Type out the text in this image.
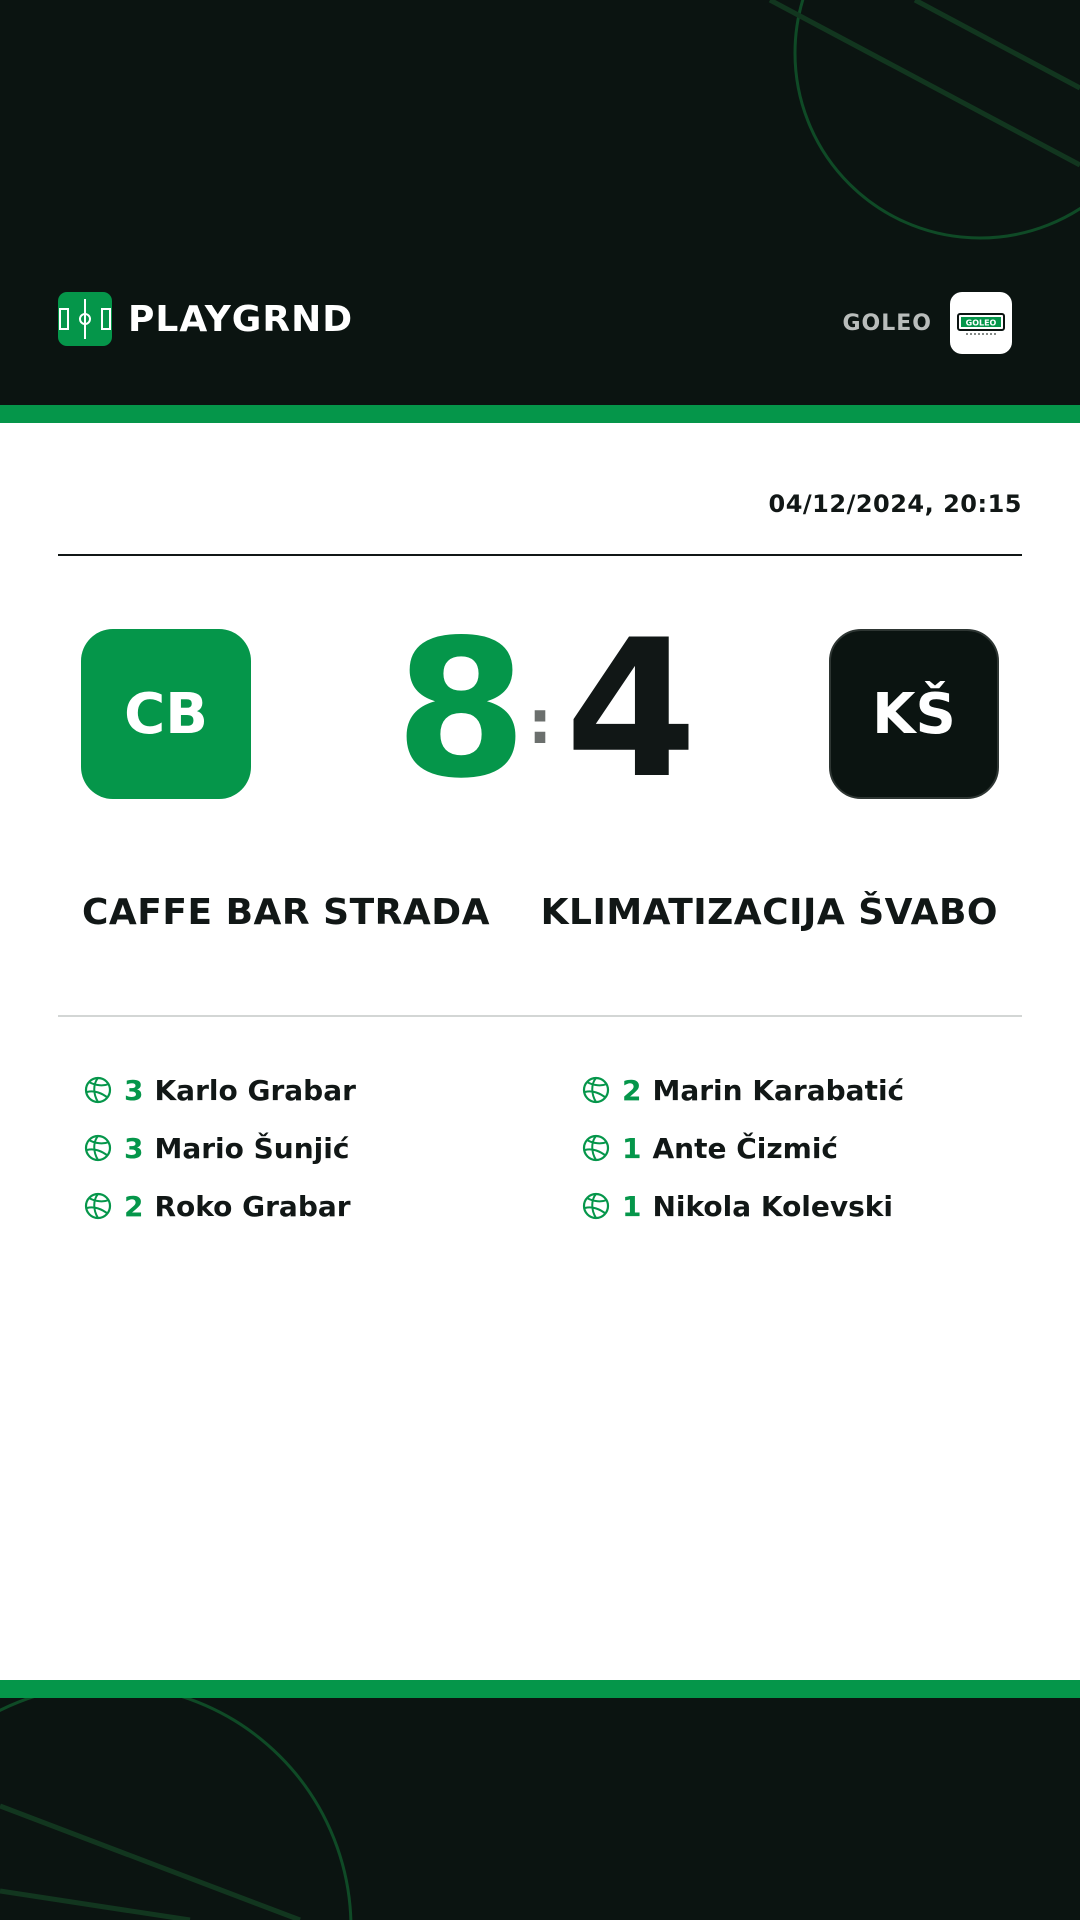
PLAYGRND	GOLEO	GOLEO
04/12/2024, 20:15
CB 8 : 4	KŠ
CAFFE BAR STRADA KLIMATIZACIJA ŠVABO
3 Karlo Grabar
3 Mario Šunjić
2 Roko Grabar
2 Marin Karabatić
1 Ante Čizmić
1 Nikola Kolevski
